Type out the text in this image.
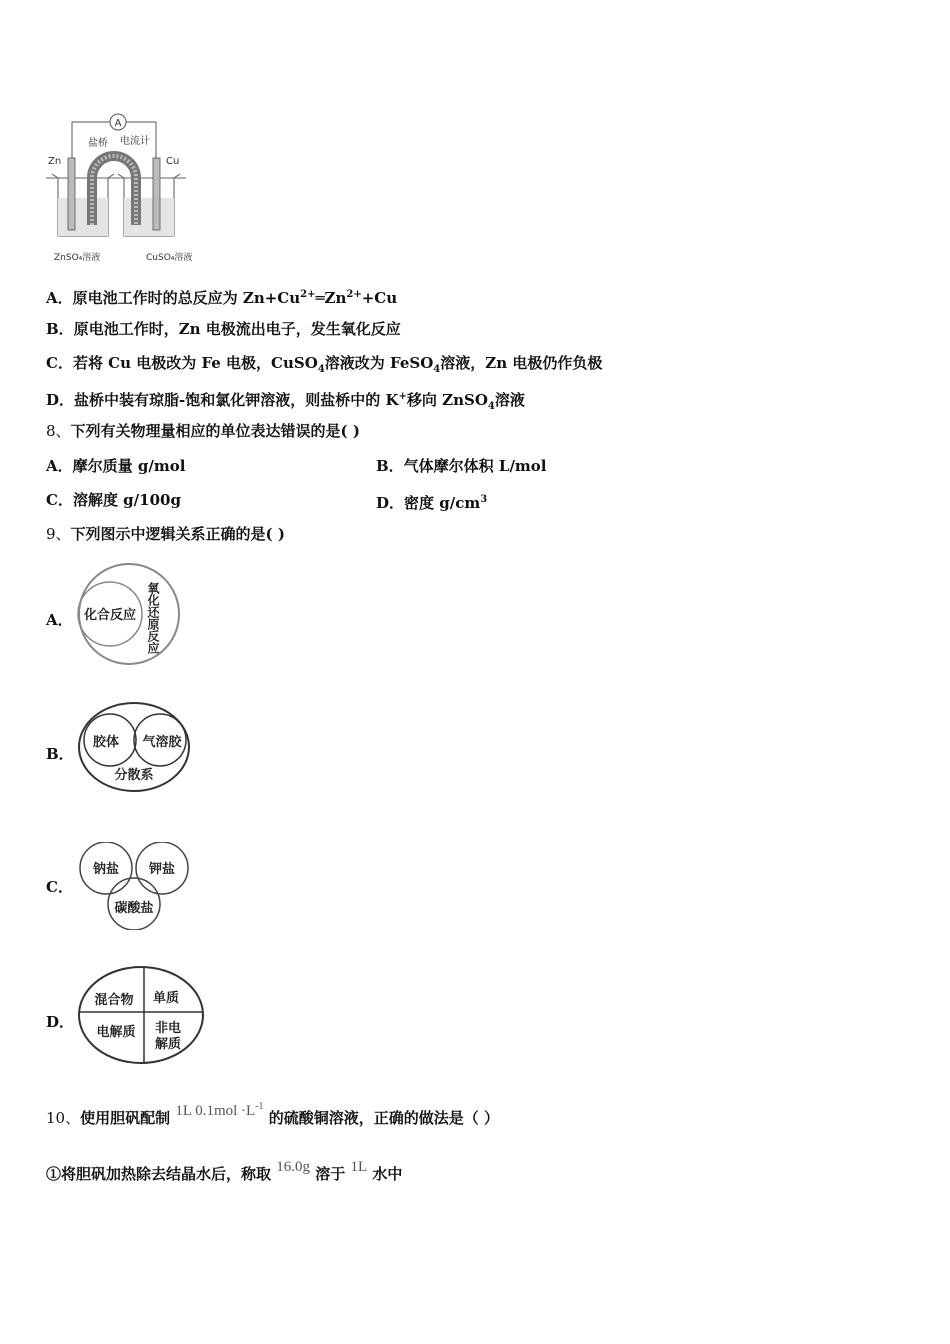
A
盐桥 电流计
Zn	Cu
ZnSO₄溶液	CuSO₄溶液
A．原电池工作时的总反应为 $Zn+Cu^{2+}═Zn^{2+}+Cu$
B．原电池工作时，Zn 电极流出电子，发生氧化反应
C．若将 Cu 电极改为 Fe 电极，CuSO$_4$溶液改为 FeSO$_4$溶液，Zn 电极仍作负极
D．盐桥中装有琼脂-饱和氯化钾溶液，则盐桥中的 K+移向 ZnSO$_4$溶液
8、下列有关物理量相应的单位表达错误的是( )
A．摩尔质量 g/mol	B．气体摩尔体积 L/mol
C．溶解度 g/100g	D．密度 $g/cm^3$
9、下列图示中逻辑关系正确的是( )
A． 化合反应 氧化还原反应
B．
胶体 气溶胶
分散系
C．
钠盐 钾盐
碳酸盐
D．
混合物 单质
电解质 非电
解质
10、使用胆矾配制 1L $0.1mol \cdot L^{-1}$ 的硫酸铜溶液，正确的做法是（ ）
①将胆矾加热除去结晶水后，称取 16.0g 溶于 1L 水中
